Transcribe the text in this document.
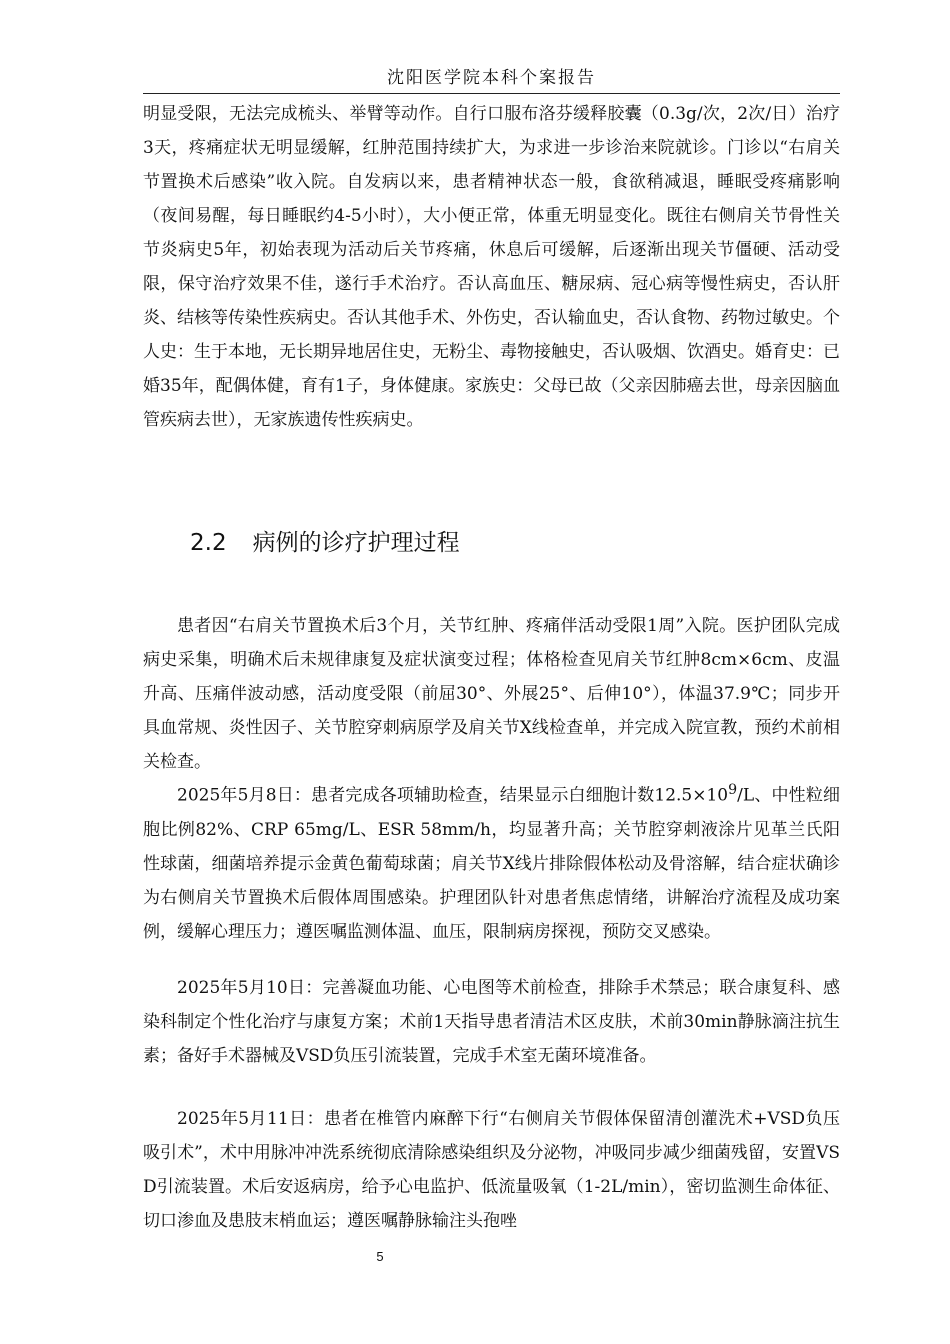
沈阳医学院本科个案报告

明显受限，无法完成梳头、举臂等动作。自行口服布洛芬缓释胶囊（0.3g/次，2次/日）治疗3天，疼痛症状无明显缓解，红肿范围持续扩大，为求进一步诊治来院就诊。门诊以“右肩关节置换术后感染”收入院。自发病以来，患者精神状态一般，食欲稍减退，睡眠受疼痛影响（夜间易醒，每日睡眠约4-5小时），大小便正常，体重无明显变化。既往右侧肩关节骨性关节炎病史5年，初始表现为活动后关节疼痛，休息后可缓解，后逐渐出现关节僵硬、活动受限，保守治疗效果不佳，遂行手术治疗。否认高血压、糖尿病、冠心病等慢性病史，否认肝炎、结核等传染性疾病史。否认其他手术、外伤史，否认输血史，否认食物、药物过敏史。个人史：生于本地，无长期异地居住史，无粉尘、毒物接触史，否认吸烟、饮酒史。婚育史：已婚35年，配偶体健，育有1子，身体健康。家族史：父母已故（父亲因肺癌去世，母亲因脑血管疾病去世），无家族遗传性疾病史。

2.2 病例的诊疗护理过程

患者因“右肩关节置换术后3个月，关节红肿、疼痛伴活动受限1周”入院。医护团队完成病史采集，明确术后未规律康复及症状演变过程；体格检查见肩关节红肿8cm×6cm、皮温升高、压痛伴波动感，活动度受限（前屈30°、外展25°、后伸10°），体温37.9℃；同步开具血常规、炎性因子、关节腔穿刺病原学及肩关节X线检查单，并完成入院宣教，预约术前相关检查。

2025年5月8日：患者完成各项辅助检查，结果显示白细胞计数$12.5\times 10^9/L$、中性粒细胞比例82%、CRP 65mg/L、ESR 58mm/h，均显著升高；关节腔穿刺液涂片见革兰氏阳性球菌，细菌培养提示金黄色葡萄球菌；肩关节X线片排除假体松动及骨溶解，结合症状确诊为右侧肩关节置换术后假体周围感染。护理团队针对患者焦虑情绪，讲解治疗流程及成功案例，缓解心理压力；遵医嘱监测体温、血压，限制病房探视，预防交叉感染。

2025年5月10日：完善凝血功能、心电图等术前检查，排除手术禁忌；联合康复科、感染科制定个性化治疗与康复方案；术前1天指导患者清洁术区皮肤，术前30min静脉滴注抗生素；备好手术器械及VSD负压引流装置，完成手术室无菌环境准备。

2025年5月11日：患者在椎管内麻醉下行“右侧肩关节假体保留清创灌洗术+VSD负压吸引术”，术中用脉冲冲洗系统彻底清除感染组织及分泌物，冲吸同步减少细菌残留，安置VSD引流装置。术后安返病房，给予心电监护、低流量吸氧（1-2L/min），密切监测生命体征、切口渗血及患肢末梢血运；遵医嘱静脉输注头孢唑

5
